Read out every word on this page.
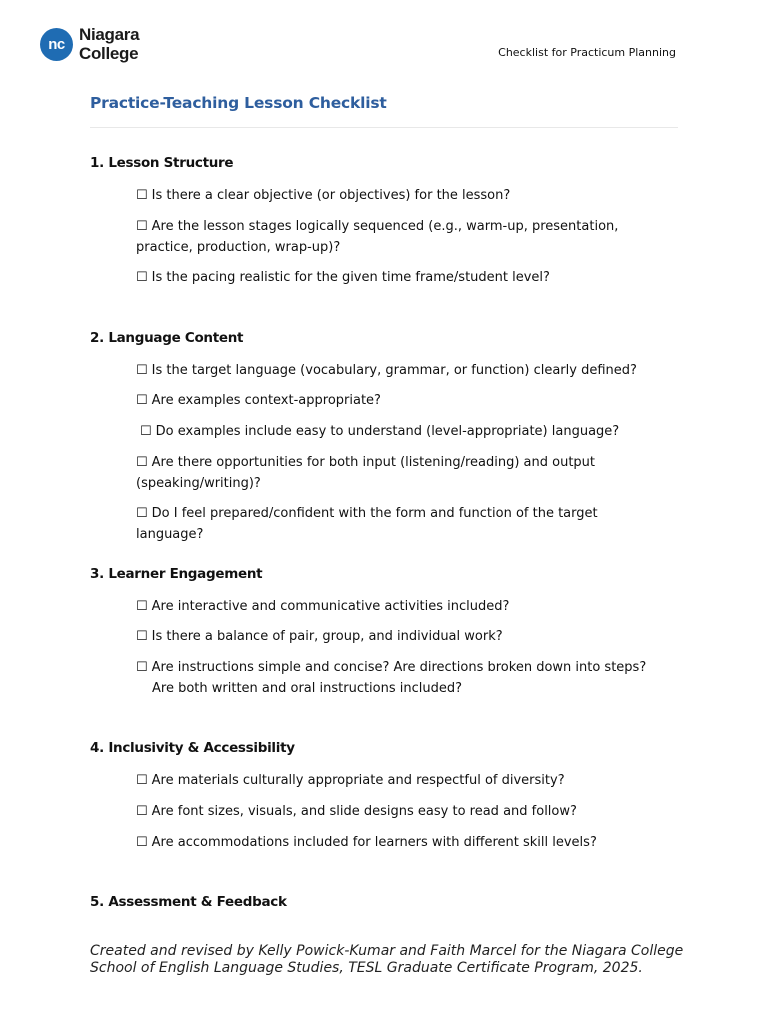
nc Niagara
College	Checklist for Practicum Planning
Practice-Teaching Lesson Checklist
1. Lesson Structure
☐ Is there a clear objective (or objectives) for the lesson?
☐ Are the lesson stages logically sequenced (e.g., warm-up, presentation, practice, production, wrap-up)?
☐ Is the pacing realistic for the given time frame/student level?
2. Language Content
☐ Is the target language (vocabulary, grammar, or function) clearly defined?
☐ Are examples context-appropriate?
☐ Do examples include easy to understand (level-appropriate) language?
☐ Are there opportunities for both input (listening/reading) and output (speaking/writing)?
☐ Do I feel prepared/confident with the form and function of the target language?
3. Learner Engagement
☐ Are interactive and communicative activities included?
☐ Is there a balance of pair, group, and individual work?
☐ Are instructions simple and concise? Are directions broken down into steps?
Are both written and oral instructions included?
4. Inclusivity & Accessibility
☐ Are materials culturally appropriate and respectful of diversity?
☐ Are font sizes, visuals, and slide designs easy to read and follow?
☐ Are accommodations included for learners with different skill levels?
5. Assessment & Feedback
Created and revised by Kelly Powick-Kumar and Faith Marcel for the Niagara College School of English Language Studies, TESL Graduate Certificate Program, 2025.
